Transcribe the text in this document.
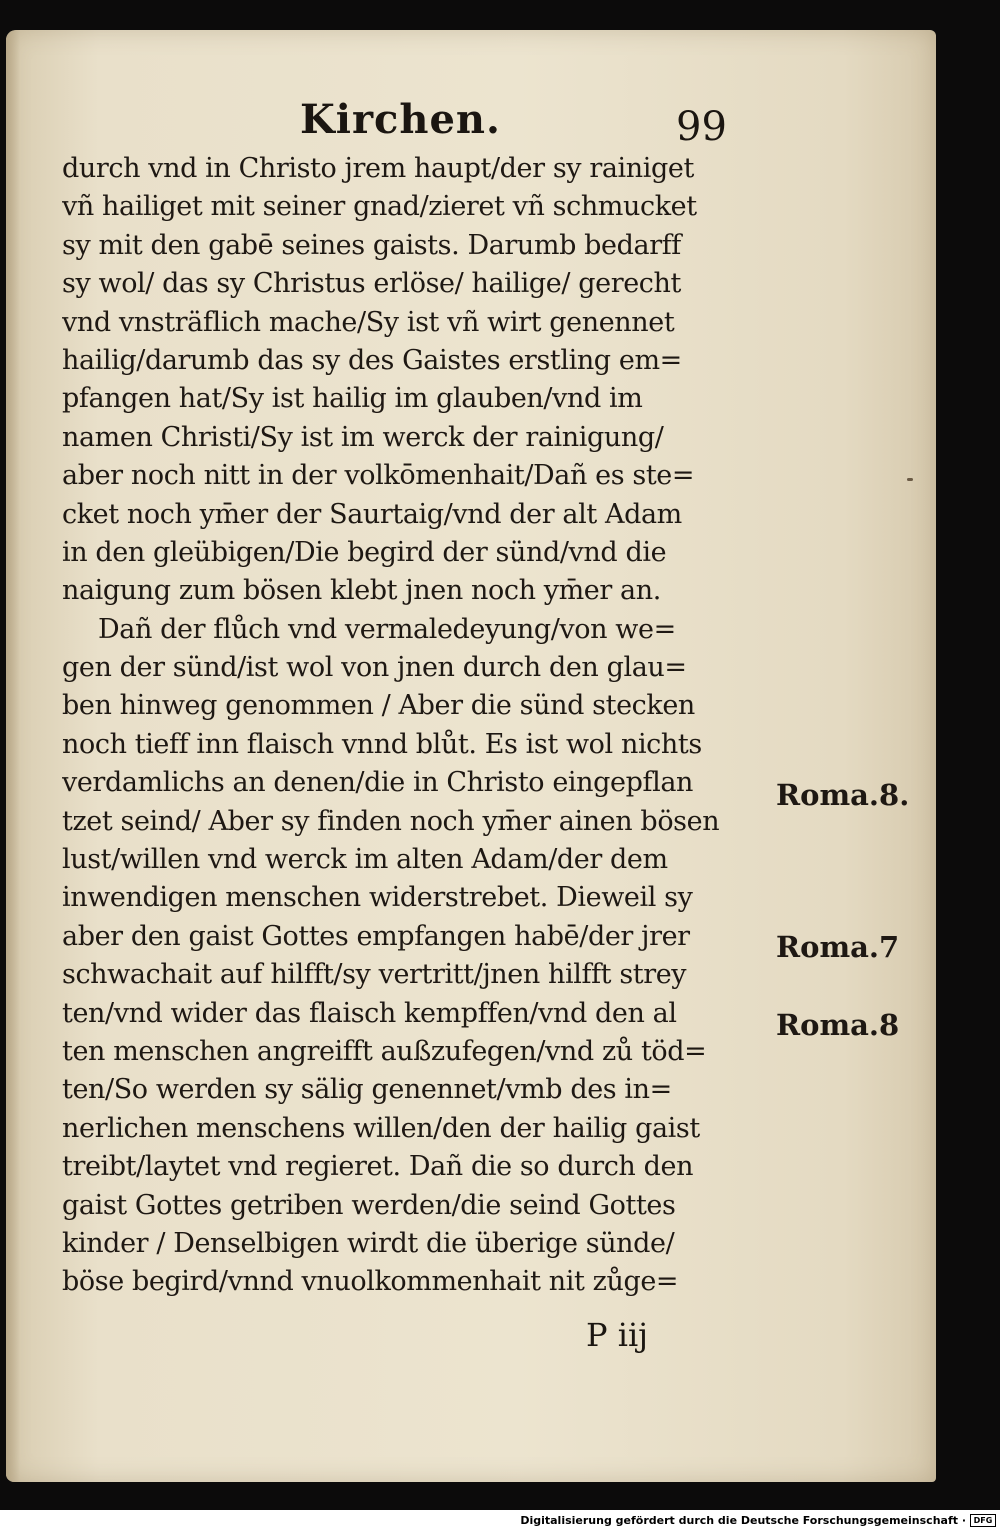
Kirchen.	99
durch vnd in Christo jrem haupt/der sy rainiget
vñ hailiget mit seiner gnad/zieret vñ schmucket
sy mit den gabē seines gaists. Darumb bedarff
sy wol/ das sy Christus erlöse/ hailige/ gerecht
vnd vnsträflich mache/Sy ist vñ wirt genennet
hailig/darumb das sy des Gaistes erstling em=
pfangen hat/Sy ist hailig im glauben/vnd im
namen Christi/Sy ist im werck der rainigung/
aber noch nitt in der volkōmenhait/Dañ es ste=
cket noch ym̄er der Saurtaig/vnd der alt Adam
in den gleübigen/Die begird der sünd/vnd die
naigung zum bösen klebt jnen noch ym̄er an.
Dañ der flůch vnd vermaledeyung/von we=
gen der sünd/ist wol von jnen durch den glau=
ben hinweg genommen / Aber die sünd stecken
noch tieff inn flaisch vnnd blůt. Es ist wol nichts
verdamlichs an denen/die in Christo eingepflan
tzet seind/ Aber sy finden noch ym̄er ainen bösen
lust/willen vnd werck im alten Adam/der dem
inwendigen menschen widerstrebet. Dieweil sy
aber den gaist Gottes empfangen habē/der jrer
schwachait auf hilfft/sy vertritt/jnen hilfft strey
ten/vnd wider das flaisch kempffen/vnd den al
ten menschen angreifft außzufegen/vnd zů töd=
ten/So werden sy sälig genennet/vmb des in=
nerlichen menschens willen/den der hailig gaist
treibt/laytet vnd regieret. Dañ die so durch den
gaist Gottes getriben werden/die seind Gottes
kinder / Denselbigen wirdt die überige sünde/
böse begird/vnnd vnuolkommenhait nit zůge=
Roma.8.
Roma.7
Roma.8
P iij
Digitalisierung gefördert durch die Deutsche Forschungsgemeinschaft · DFG
